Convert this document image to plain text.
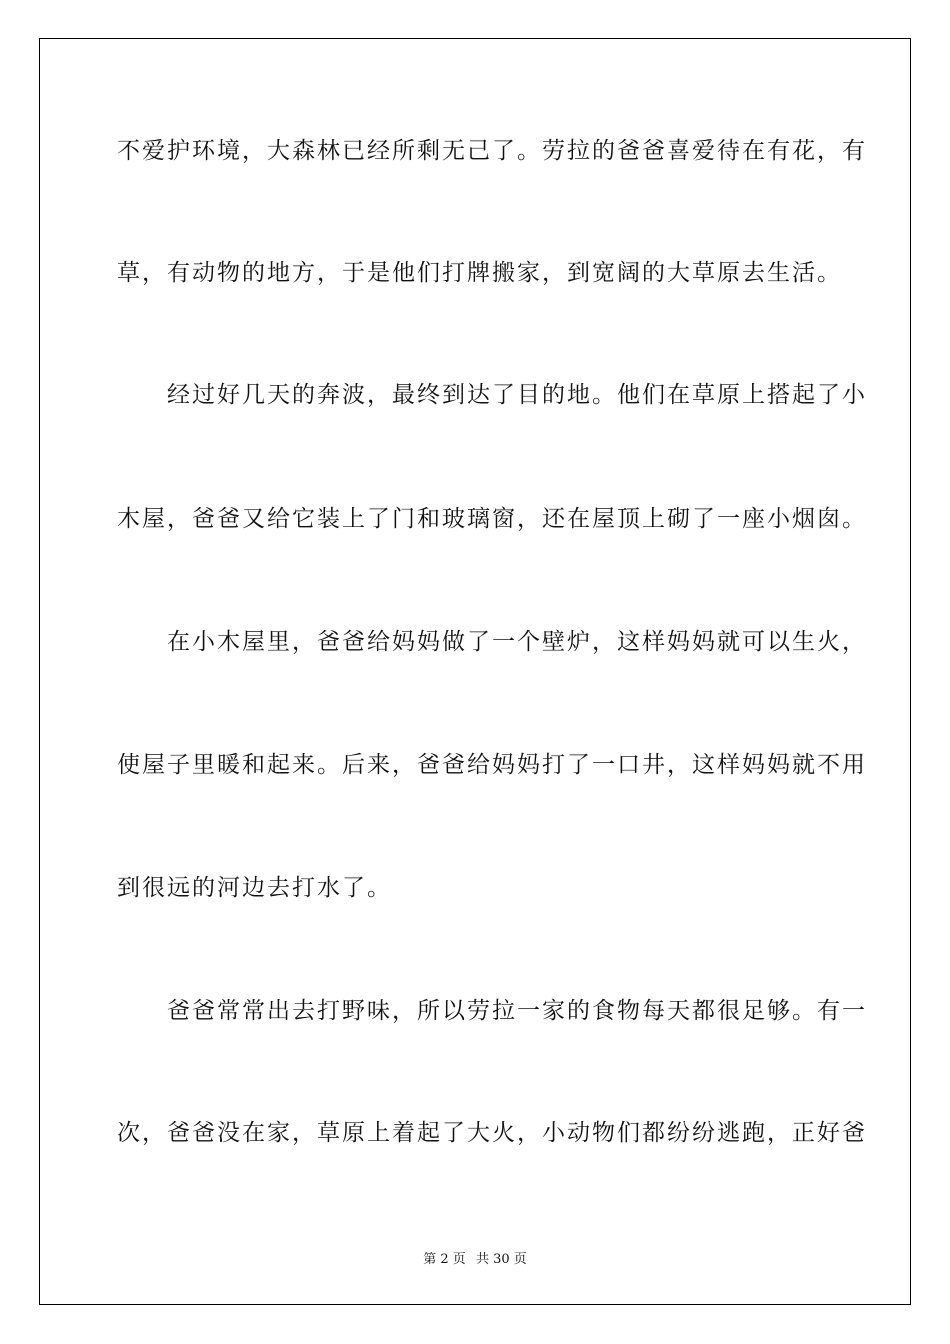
不爱护环境，大森林已经所剩无己了。劳拉的爸爸喜爱待在有花，有
草，有动物的地方，于是他们打牌搬家，到宽阔的大草原去生活。
　　经过好几天的奔波，最终到达了目的地。他们在草原上搭起了小
木屋，爸爸又给它装上了门和玻璃窗，还在屋顶上砌了一座小烟囱。
　　在小木屋里，爸爸给妈妈做了一个壁炉，这样妈妈就可以生火，
使屋子里暖和起来。后来，爸爸给妈妈打了一口井，这样妈妈就不用
到很远的河边去打水了。
　　爸爸常常出去打野味，所以劳拉一家的食物每天都很足够。有一
次，爸爸没在家，草原上着起了大火，小动物们都纷纷逃跑，正好爸
第 2 页 共 30 页
